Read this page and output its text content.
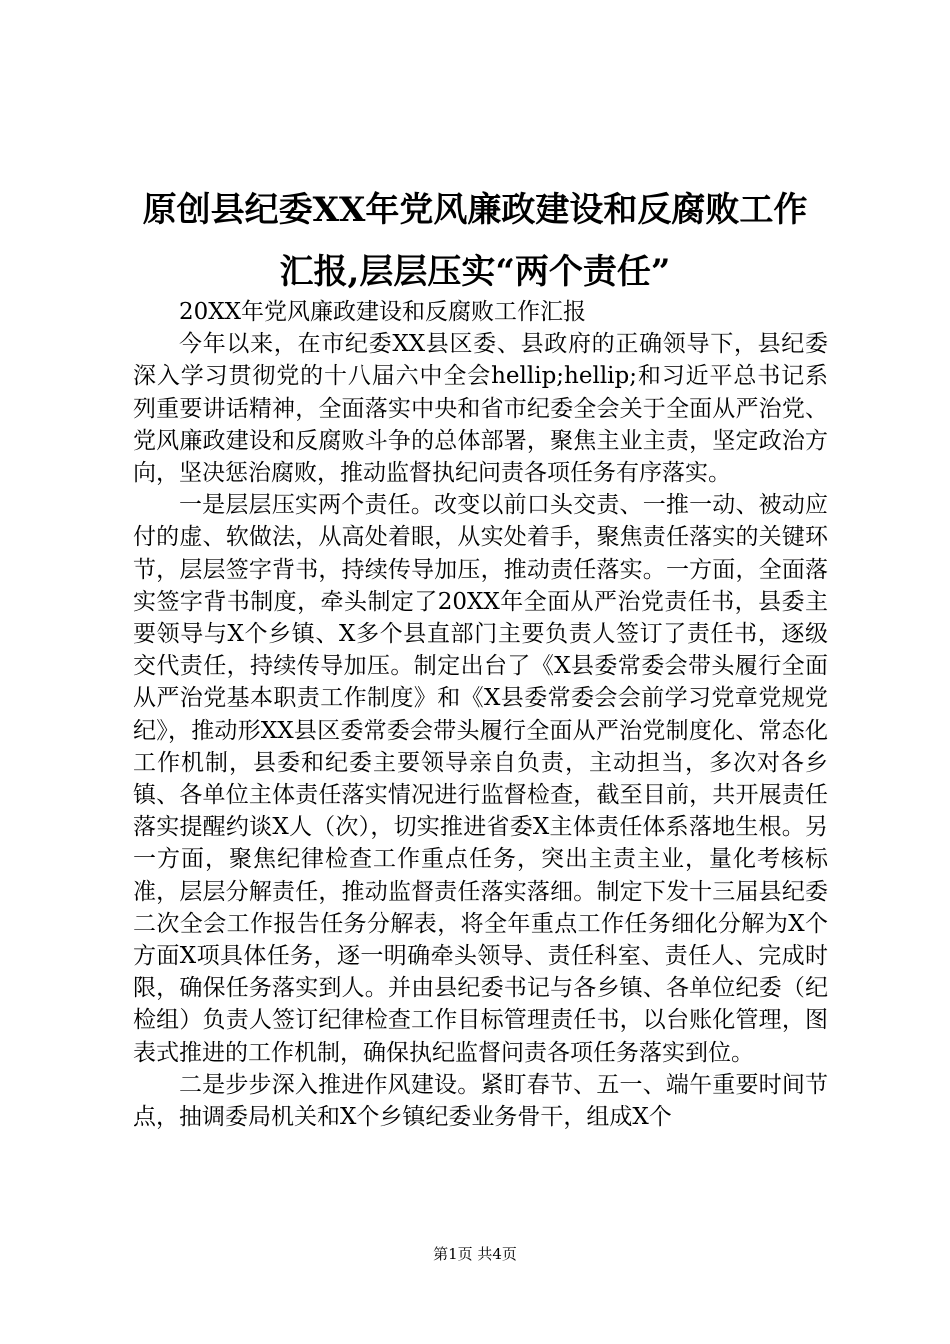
原创县纪委XX年党风廉政建设和反腐败工作
汇报,层层压实“两个责任”

20XX年党风廉政建设和反腐败工作汇报

今年以来，在市纪委XX县区委、县政府的正确领导下，县纪委深入学习贯彻党的十八届六中全会hellip;hellip;和习近平总书记系列重要讲话精神，全面落实中央和省市纪委全会关于全面从严治党、党风廉政建设和反腐败斗争的总体部署，聚焦主业主责，坚定政治方向，坚决惩治腐败，推动监督执纪问责各项任务有序落实。

一是层层压实两个责任。改变以前口头交责、一推一动、被动应付的虚、软做法，从高处着眼，从实处着手，聚焦责任落实的关键环节，层层签字背书，持续传导加压，推动责任落实。一方面，全面落实签字背书制度，牵头制定了20XX年全面从严治党责任书，县委主要领导与X个乡镇、X多个县直部门主要负责人签订了责任书，逐级交代责任，持续传导加压。制定出台了《X县委常委会带头履行全面从严治党基本职责工作制度》和《X县委常委会会前学习党章党规党纪》，推动形XX县区委常委会带头履行全面从严治党制度化、常态化工作机制，县委和纪委主要领导亲自负责，主动担当，多次对各乡镇、各单位主体责任落实情况进行监督检查，截至目前，共开展责任落实提醒约谈X人（次），切实推进省委X主体责任体系落地生根。另一方面，聚焦纪律检查工作重点任务，突出主责主业，量化考核标准，层层分解责任，推动监督责任落实落细。制定下发十三届县纪委二次全会工作报告任务分解表，将全年重点工作任务细化分解为X个方面X项具体任务，逐一明确牵头领导、责任科室、责任人、完成时限，确保任务落实到人。并由县纪委书记与各乡镇、各单位纪委（纪检组）负责人签订纪律检查工作目标管理责任书，以台账化管理，图表式推进的工作机制，确保执纪监督问责各项任务落实到位。

二是步步深入推进作风建设。紧盯春节、五一、端午重要时间节点，抽调委局机关和X个乡镇纪委业务骨干，组成X个

第1页 共4页
